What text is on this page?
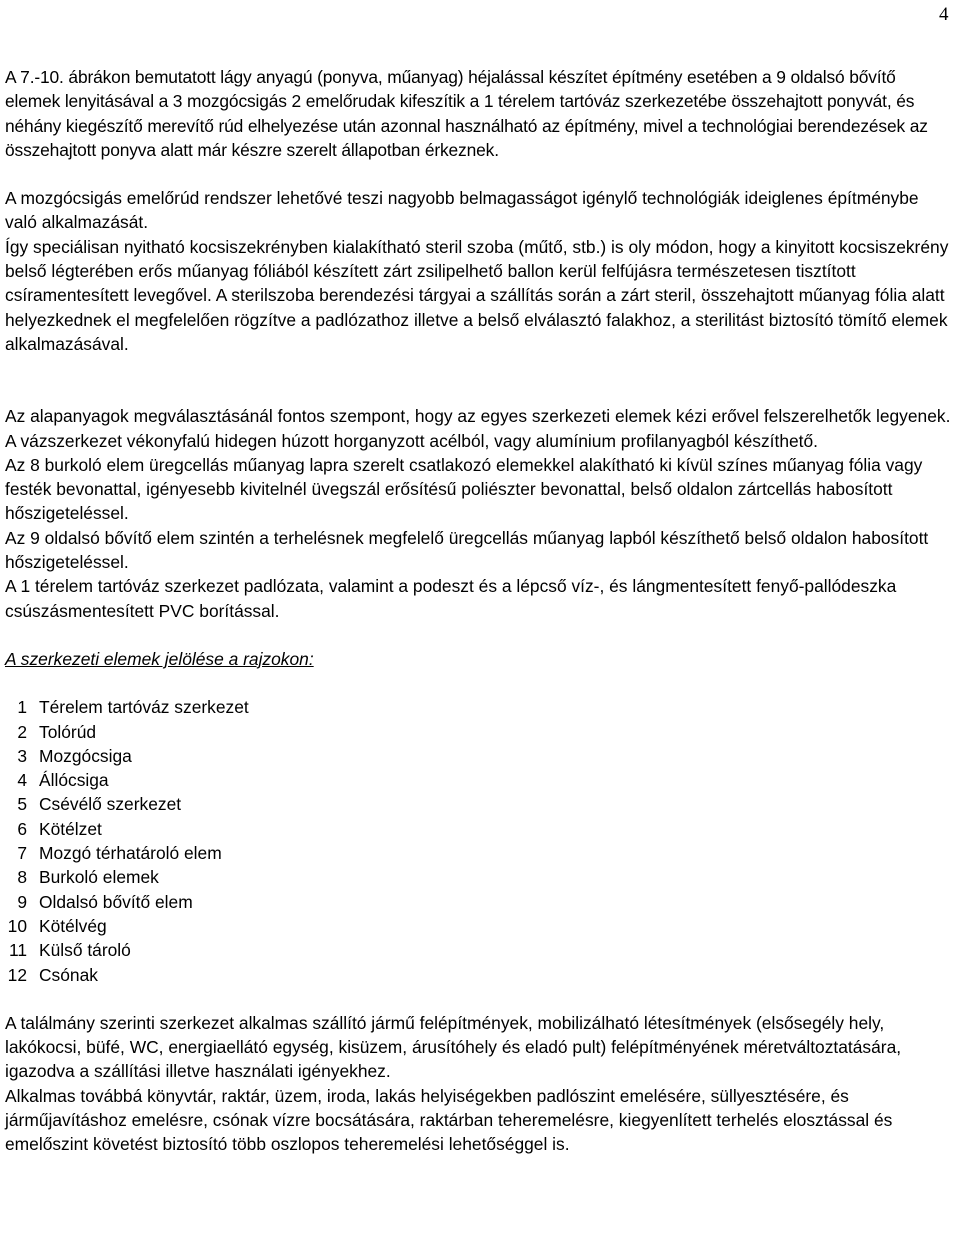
4

A 7.-10. ábrákon bemutatott lágy anyagú (ponyva, műanyag) héjalással készítet építmény esetében a 9 oldalsó bővítő elemek lenyitásával a 3 mozgócsigás 2 emelőrudak kifeszítik a 1 térelem tartóváz szerkezetébe összehajtott ponyvát, és néhány kiegészítő merevítő rúd elhelyezése után azonnal használható az építmény, mivel a technológiai berendezések az összehajtott ponyva alatt már készre szerelt állapotban érkeznek.

A mozgócsigás emelőrúd rendszer lehetővé teszi nagyobb belmagasságot igénylő technológiák ideiglenes építménybe való alkalmazását.

Így speciálisan nyitható kocsiszekrényben kialakítható steril szoba (műtő, stb.) is oly módon, hogy a kinyitott kocsiszekrény belső légterében erős műanyag fóliából készített zárt zsilipelhető ballon kerül felfújásra természetesen tisztított csíramentesített levegővel. A sterilszoba berendezési tárgyai a szállítás során a zárt steril, összehajtott műanyag fólia alatt helyezkednek el megfelelően rögzítve a padlózathoz illetve a belső elválasztó falakhoz, a sterilitást biztosító tömítő elemek alkalmazásával.

Az alapanyagok megválasztásánál fontos szempont, hogy az egyes szerkezeti elemek kézi erővel felszerelhetők legyenek.

A vázszerkezet vékonyfalú hidegen húzott horganyzott acélból, vagy alumínium profilanyagból készíthető.

Az 8 burkoló elem üregcellás műanyag lapra szerelt csatlakozó elemekkel alakítható ki kívül színes műanyag fólia vagy festék bevonattal, igényesebb kivitelnél üvegszál erősítésű poliészter bevonattal, belső oldalon zártcellás habosított hőszigeteléssel.

Az 9 oldalsó bővítő elem szintén a terhelésnek megfelelő üregcellás műanyag lapból készíthető belső oldalon habosított hőszigeteléssel.

A 1 térelem tartóváz szerkezet padlózata, valamint a podeszt és a lépcső víz-, és lángmentesített fenyő-pallódeszka csúszásmentesített PVC borítással.

A szerkezeti elemek jelölése a rajzokon:

1 Térelem tartóváz szerkezet
2 Tolórúd
3 Mozgócsiga
4 Állócsiga
5 Csévélő szerkezet
6 Kötélzet
7 Mozgó térhatároló elem
8 Burkoló elemek
9 Oldalsó bővítő elem
10 Kötélvég
11 Külső tároló
12 Csónak

A találmány szerinti szerkezet alkalmas szállító jármű felépítmények, mobilizálható létesítmények (elsősegély hely, lakókocsi, büfé, WC, energiaellátó egység, kisüzem, árusítóhely és eladó pult) felépítményének méretváltoztatására, igazodva a szállítási illetve használati igényekhez.

Alkalmas továbbá könyvtár, raktár, üzem, iroda, lakás helyiségekben padlószint emelésére, süllyesztésére, és járműjavításhoz emelésre, csónak vízre bocsátására, raktárban teheremelésre, kiegyenlített terhelés elosztással és emelőszint követést biztosító több oszlopos teheremelési lehetőséggel is.
